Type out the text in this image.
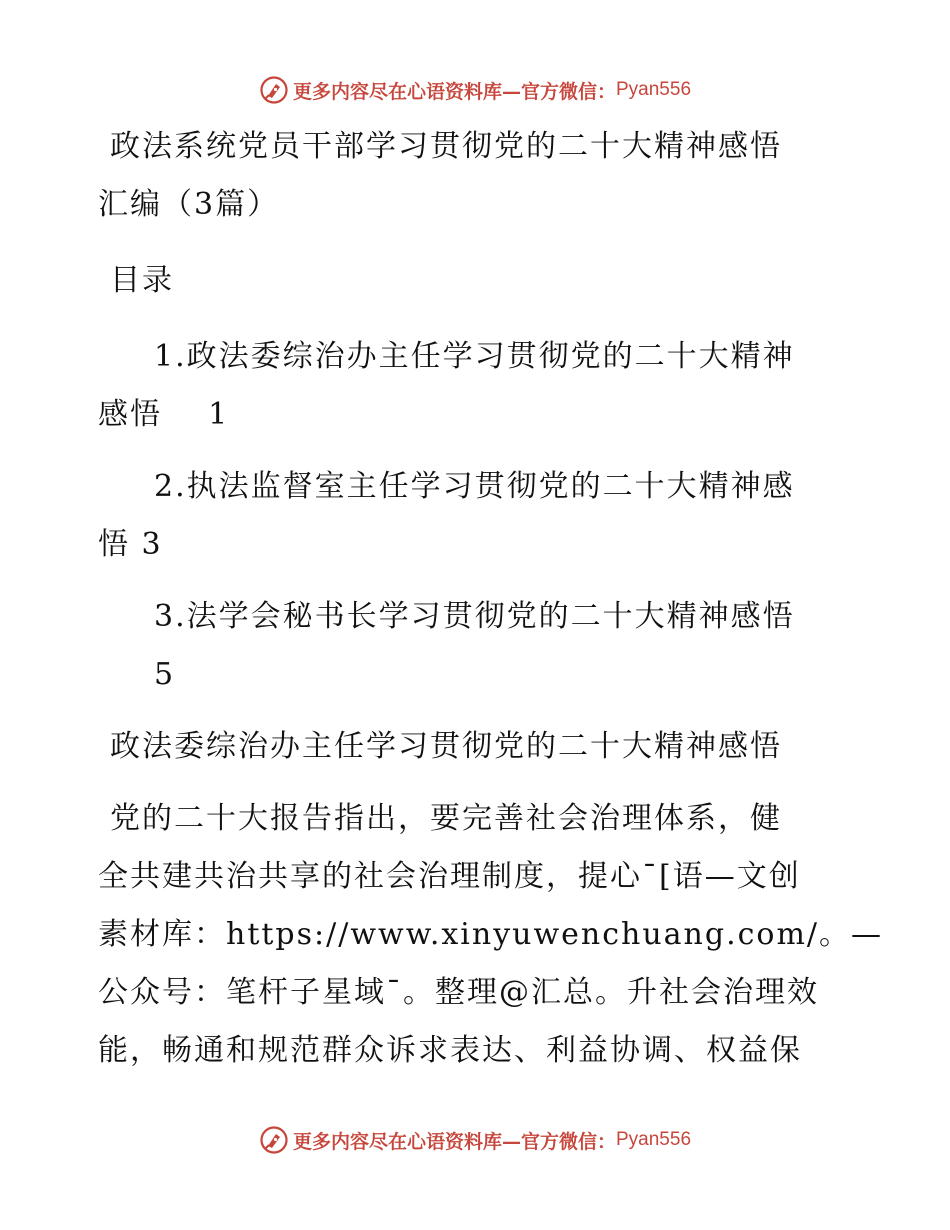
更多内容尽在心语资料库—官方微信： Pyan556
政法系统党员干部学习贯彻党的二十大精神感悟
汇编（3篇）
目录
1.政法委综治办主任学习贯彻党的二十大精神
感悟    1
2.执法监督室主任学习贯彻党的二十大精神感
悟 3
3.法学会秘书长学习贯彻党的二十大精神感悟
5
政法委综治办主任学习贯彻党的二十大精神感悟
党的二十大报告指出，要完善社会治理体系，健
全共建共治共享的社会治理制度，提心¯[语—文创
素材库：https://www.xinyuwenchuang.com/。—
公众号：笔杆子星域¯。整理@汇总。升社会治理效
能，畅通和规范群众诉求表达、利益协调、权益保
更多内容尽在心语资料库—官方微信： Pyan556
